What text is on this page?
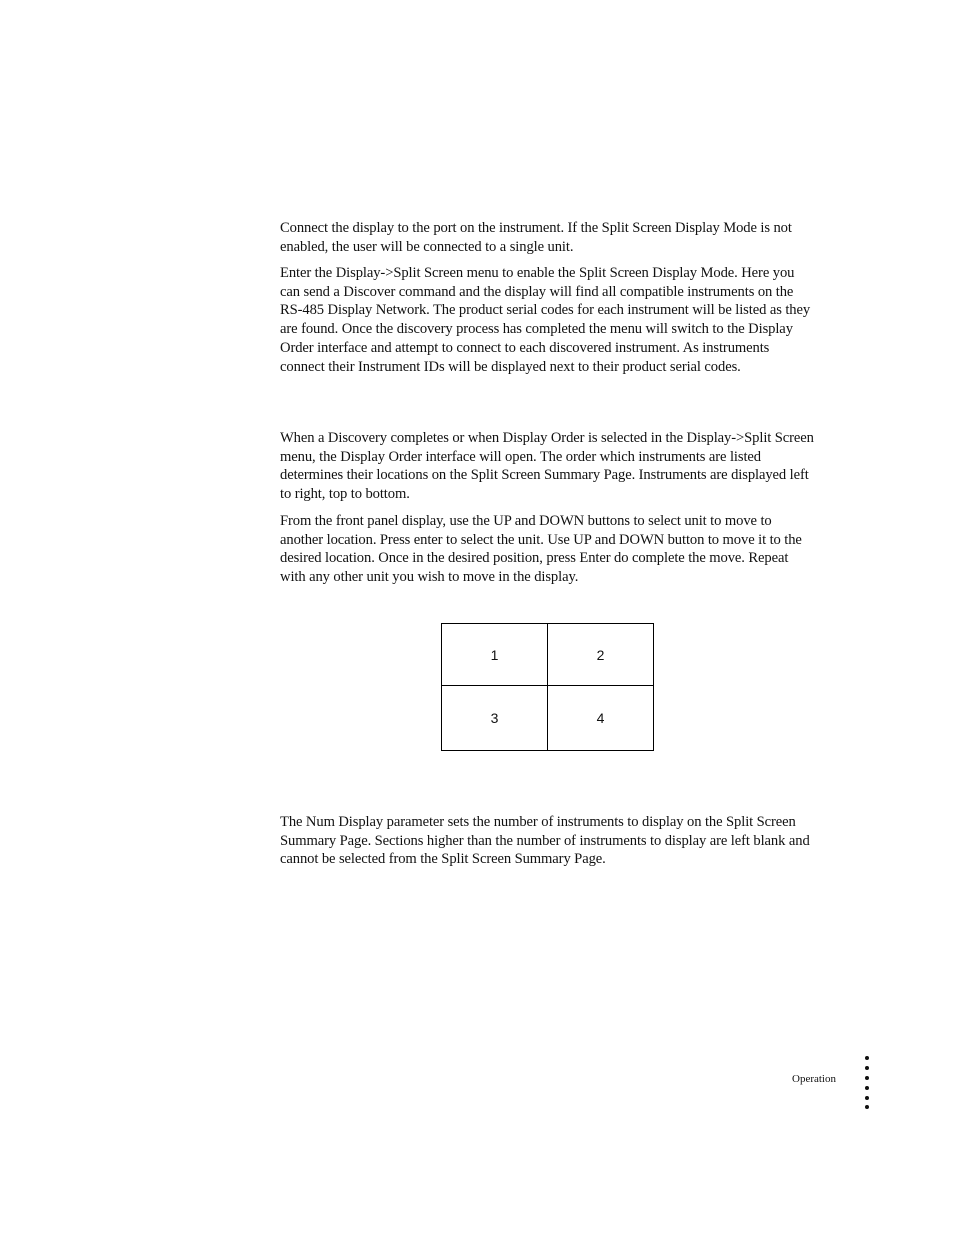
Connect the display to the port on the instrument. If the Split Screen Display Mode is not enabled, the user will be connected to a single unit.

Enter the Display->Split Screen menu to enable the Split Screen Display Mode. Here you can send a Discover command and the display will find all compatible instruments on the RS-485 Display Network. The product serial codes for each instrument will be listed as they are found. Once the discovery process has completed the menu will switch to the Display Order interface and attempt to connect to each discovered instrument. As instruments connect their Instrument IDs will be displayed next to their product serial codes.

When a Discovery completes or when Display Order is selected in the Display->Split Screen menu, the Display Order interface will open. The order which instruments are listed determines their locations on the Split Screen Summary Page. Instruments are displayed left to right, top to bottom.

From the front panel display, use the UP and DOWN buttons to select unit to move to another location. Press enter to select the unit. Use UP and DOWN button to move it to the desired location. Once in the desired position, press Enter do complete the move. Repeat with any other unit you wish to move in the display.

1	2
3	4

The Num Display parameter sets the number of instruments to display on the Split Screen Summary Page. Sections higher than the number of instruments to display are left blank and cannot be selected from the Split Screen Summary Page.

Operation
